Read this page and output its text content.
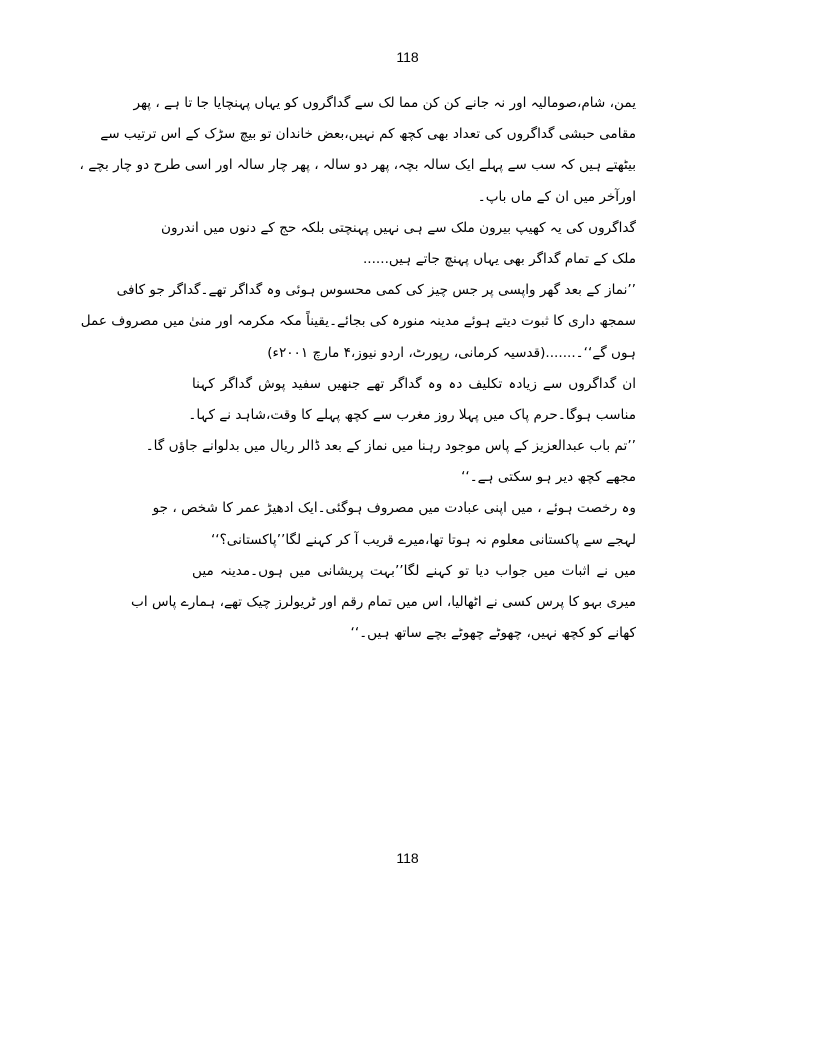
118
یمن، شام،صومالیہ اور نہ جانے کن کن مما لک سے گداگروں کو یہاں پہنچایا جا تا ہے ، پھر
مقامی حبشی گداگروں کی تعداد بھی کچھ کم نہیں،بعض خاندان تو بیچ سڑک کے اس ترتیب سے
بیٹھتے ہیں کہ سب سے پہلے ایک سالہ بچہ، پھر دو سالہ ، پھر چار سالہ اور اسی طرح دو چار بچے ،
اورآخر میں ان کے ماں باپ۔
گداگروں کی یہ کھیپ بیرون ملک سے ہی نہیں پہنچتی بلکہ حج کے دنوں میں اندرون
ملک کے تمام گداگر بھی یہاں پہنچ جاتے ہیں......
’’نماز کے بعد گھر واپسی پر جس چیز کی کمی محسوس ہوئی وہ گداگر تھے۔گداگر جو کافی
سمجھ داری کا ثبوت دیتے ہوئے مدینہ منورہ کی بجائے۔یقیناً مکہ مکرمہ اور منیٰ میں مصروف عمل
ہوں گے‘‘۔.......(قدسیہ کرمانی، رپورٹ، اردو نیوز،۴ مارچ ۲۰۰۱ء)
ان گداگروں سے زیادہ تکلیف دہ وہ گداگر تھے جنھیں سفید پوش گداگر کہنا
مناسب ہوگا۔حرم پاک میں پہلا روز مغرب سے کچھ پہلے کا وقت،شاہد نے کہا۔
’’تم باب عبدالعزیز کے پاس موجود رہنا میں نماز کے بعد ڈالر ریال میں بدلوانے جاؤں گا۔
مجھے کچھ دیر ہو سکتی ہے۔‘‘
وہ رخصت ہوئے ، میں اپنی عبادت میں مصروف ہوگئی۔ایک ادھیڑ عمر کا شخص ، جو
لہجے سے پاکستانی معلوم نہ ہوتا تھا،میرے قریب آ کر کہنے لگا’’پاکستانی؟‘‘
میں نے اثبات میں جواب دیا تو کہنے لگا’’بہت پریشانی میں ہوں۔مدینہ میں
میری بہو کا پرس کسی نے اٹھالیا، اس میں تمام رقم اور ٹریولرز چیک تھے، ہمارے پاس اب
کھانے کو کچھ نہیں، چھوٹے چھوٹے بچے ساتھ ہیں۔‘‘
118
